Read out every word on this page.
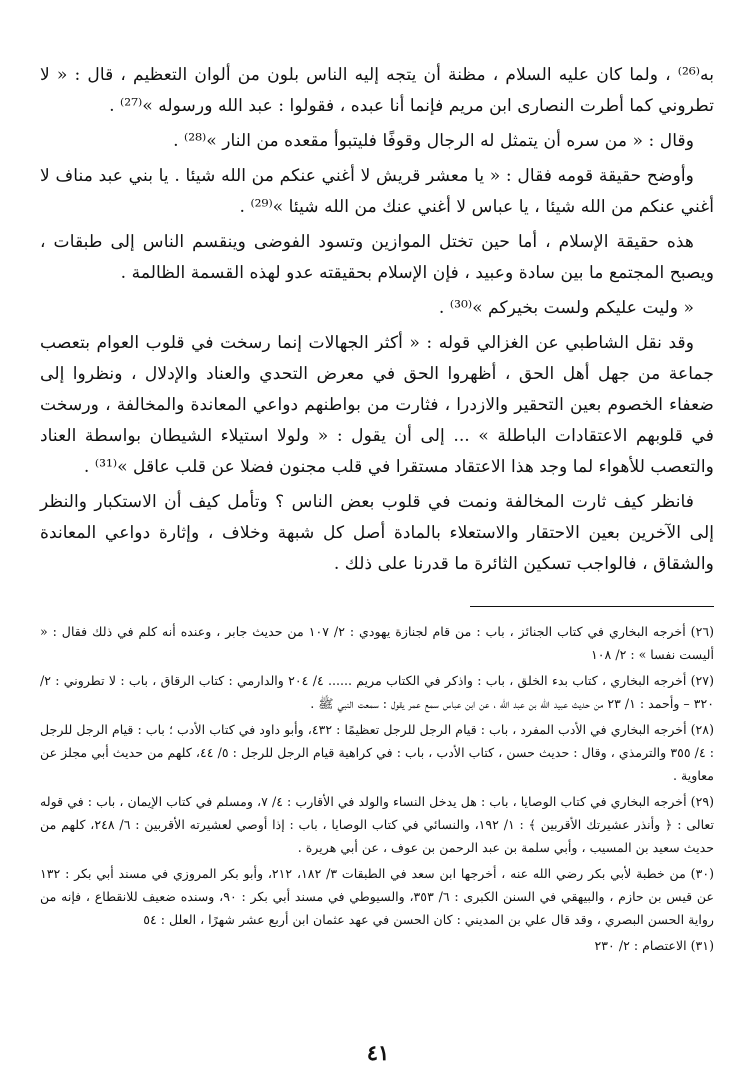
به⁽²⁶⁾ ، ولما كان عليه السلام ، مظنة أن يتجه إليه الناس بلون من ألوان التعظيم ، قال : « لا تطروني كما أطرت النصارى ابن مريم فإنما أنا عبده ، فقولوا : عبد الله ورسوله »⁽²⁷⁾ .

وقال : « من سره أن يتمثل له الرجال وقوفًا فليتبوأ مقعده من النار »⁽²⁸⁾ .

وأوضح حقيقة قومه فقال : « يا معشر قريش لا أغني عنكم من الله شيئا . يا بني عبد مناف لا أغني عنكم من الله شيئا ، يا عباس لا أغني عنك من الله شيئا »⁽²⁹⁾ .

هذه حقيقة الإسلام ، أما حين تختل الموازين وتسود الفوضى وينقسم الناس إلى طبقات ، ويصبح المجتمع ما بين سادة وعبيد ، فإن الإسلام بحقيقته عدو لهذه القسمة الظالمة .

« وليت عليكم ولست بخيركم »⁽³⁰⁾ .

وقد نقل الشاطبي عن الغزالي قوله : « أكثر الجهالات إنما رسخت في قلوب العوام بتعصب جماعة من جهل أهل الحق ، أظهروا الحق في معرض التحدي والعناد والإدلال ، ونظروا إلى ضعفاء الخصوم بعين التحقير والازدرا ، فثارت من بواطنهم دواعي المعاندة والمخالفة ، ورسخت في قلوبهم الاعتقادات الباطلة » ... إلى أن يقول : « ولولا استيلاء الشيطان بواسطة العناد والتعصب للأهواء لما وجد هذا الاعتقاد مستقرا في قلب مجنون فضلا عن قلب عاقل »⁽³¹⁾ .

فانظر كيف ثارت المخالفة ونمت في قلوب بعض الناس ؟ وتأمل كيف أن الاستكبار والنظر إلى الآخرين بعين الاحتقار والاستعلاء بالمادة أصل كل شبهة وخلاف ، وإثارة دواعي المعاندة والشقاق ، فالواجب تسكين الثائرة ما قدرنا على ذلك .

(٢٦) أخرجه البخاري في كتاب الجنائز ، باب : من قام لجنازة يهودي : ٢/ ١٠٧ من حديث جابر ، وعنده أنه كلم في ذلك فقال : « أليست نفسا » : ٢/ ١٠٨

(٢٧) أخرجه البخاري ، كتاب بدء الخلق ، باب : واذكر في الكتاب مريم ...... ٤/ ٢٠٤ والدارمي : كتاب الرقاق ، باب : لا تطروني : ٢/ ٣٢٠ – وأحمد : ١/ ٢٣ من حديث عبيد الله بن عبد الله ، عن ابن عباس سمع عمر يقول : سمعت النبي ﷺ .

(٢٨) أخرجه البخاري في الأدب المفرد ، باب : قيام الرجل للرجل تعظيمًا : ٤٣٢، وأبو داود في كتاب الأدب ؛ باب : قيام الرجل للرجل : ٤/ ٣٥٥ والترمذي ، وقال : حديث حسن ، كتاب الأدب ، باب : في كراهية قيام الرجل للرجل : ٥/ ٤٤، كلهم من حديث أبي مجلز عن معاوية .

(٢٩) أخرجه البخاري في كتاب الوصايا ، باب : هل يدخل النساء والولد في الأقارب : ٤/ ٧، ومسلم في كتاب الإيمان ، باب : في قوله تعالى : ﴿ وأنذر عشيرتك الأقربين ﴾ : ١/ ١٩٢، والنسائي في كتاب الوصايا ، باب : إذا أوصي لعشيرته الأقربين : ٦/ ٢٤٨، كلهم من حديث سعيد بن المسيب ، وأبي سلمة بن عبد الرحمن بن عوف ، عن أبي هريرة .

(٣٠) من خطبة لأبي بكر رضي الله عنه ، أخرجها ابن سعد في الطبقات ٣/ ١٨٢، ٢١٢، وأبو بكر المروزي في مسند أبي بكر : ١٣٢ عن قيس بن حازم ، والبيهقي في السنن الكبرى : ٦/ ٣٥٣، والسيوطي في مسند أبي بكر : ٩٠، وسنده ضعيف للانقطاع ، فإنه من رواية الحسن البصري ، وقد قال علي بن المديني : كان الحسن في عهد عثمان ابن أربع عشر شهرًا ، العلل : ٥٤

(٣١) الاعتصام : ٢/ ٢٣٠

٤١
